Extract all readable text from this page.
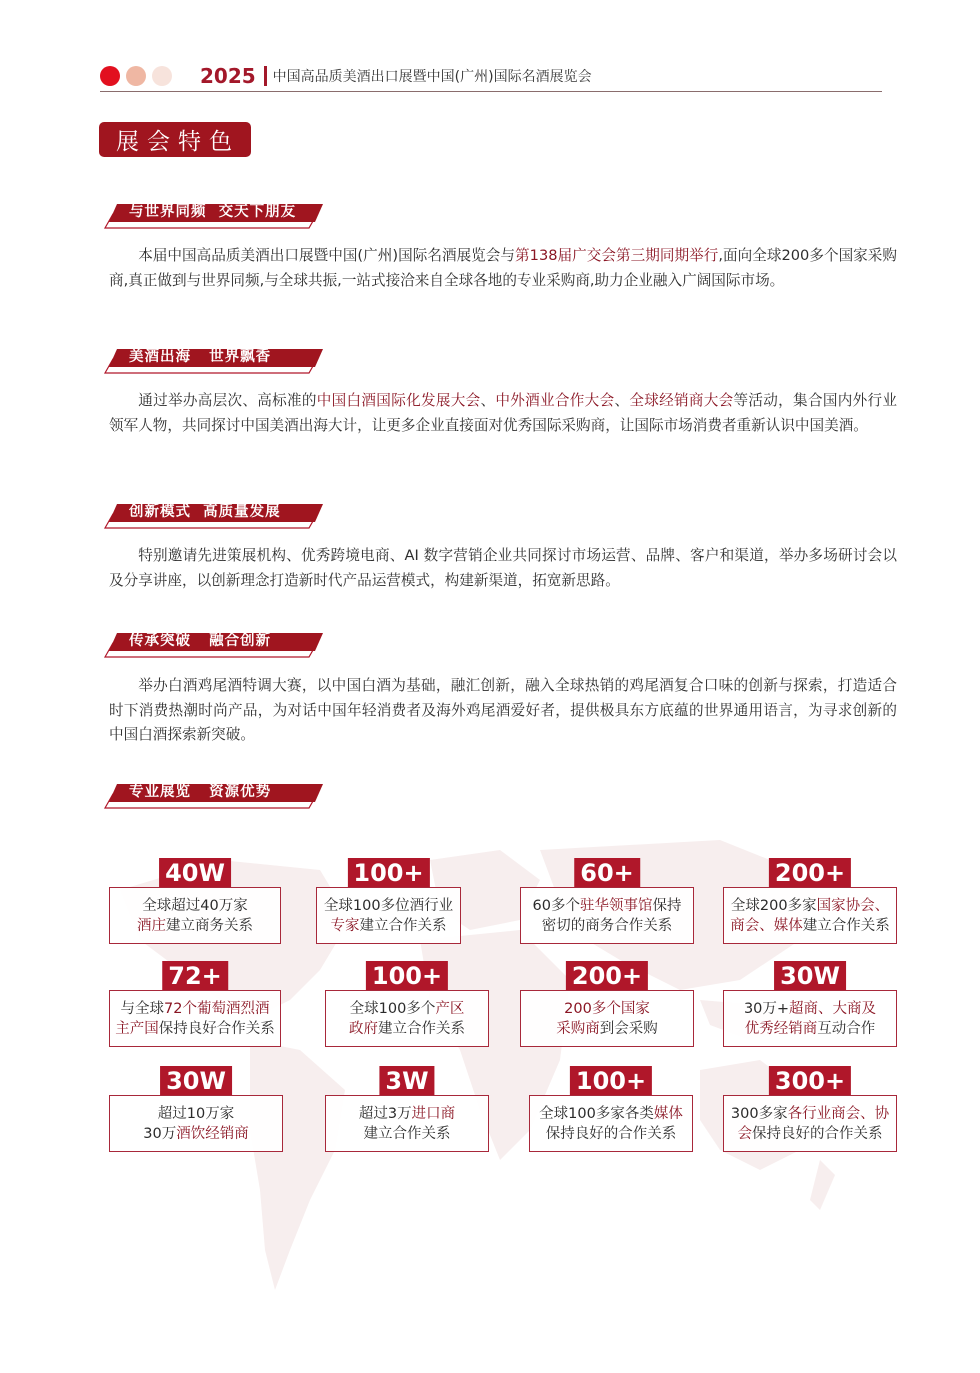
2025 中国高品质美酒出口展暨中国(广州)国际名酒展览会
展会特色
与世界同频  交天下朋友
美酒出海   世界飘香
创新模式  高质量发展
传承突破   融合创新
专业展览   资源优势

本届中国高品质美酒出口展暨中国(广州)国际名酒展览会与第138届广交会第三期同期举行,面向全球200多个国家采购商,真正做到与世界同频,与全球共振,一站式接洽来自全球各地的专业采购商,助力企业融入广阔国际市场。

通过举办高层次、高标准的中国白酒国际化发展大会、中外酒业合作大会、全球经销商大会等活动，集合国内外行业领军人物，共同探讨中国美酒出海大计，让更多企业直接面对优秀国际采购商，让国际市场消费者重新认识中国美酒。

特别邀请先进策展机构、优秀跨境电商、AI 数字营销企业共同探讨市场运营、品牌、客户和渠道，举办多场研讨会以及分享讲座，以创新理念打造新时代产品运营模式，构建新渠道，拓宽新思路。

举办白酒鸡尾酒特调大赛，以中国白酒为基础，融汇创新，融入全球热销的鸡尾酒复合口味的创新与探索，打造适合时下消费热潮时尚产品，为对话中国年轻消费者及海外鸡尾酒爱好者，提供极具东方底蕴的世界通用语言，为寻求创新的中国白酒探索新突破。

40W
全球超过40万家
酒庄建立商务关系
100+
全球100多位酒行业
专家建立合作关系
60+
60多个驻华领事馆保持
密切的商务合作关系
200+
全球200多家国家协会、
商会、媒体建立合作关系
72+
与全球72个葡萄酒烈酒
主产国保持良好合作关系
100+
全球100多个产区
政府建立合作关系
200+
200多个国家
采购商到会采购
30W
30万+超商、大商及
优秀经销商互动合作
30W
超过10万家
30万酒饮经销商
3W
超过3万进口商
建立合作关系
100+
全球100多家各类媒体
保持良好的合作关系
300+
300多家各行业商会、协
会保持良好的合作关系
